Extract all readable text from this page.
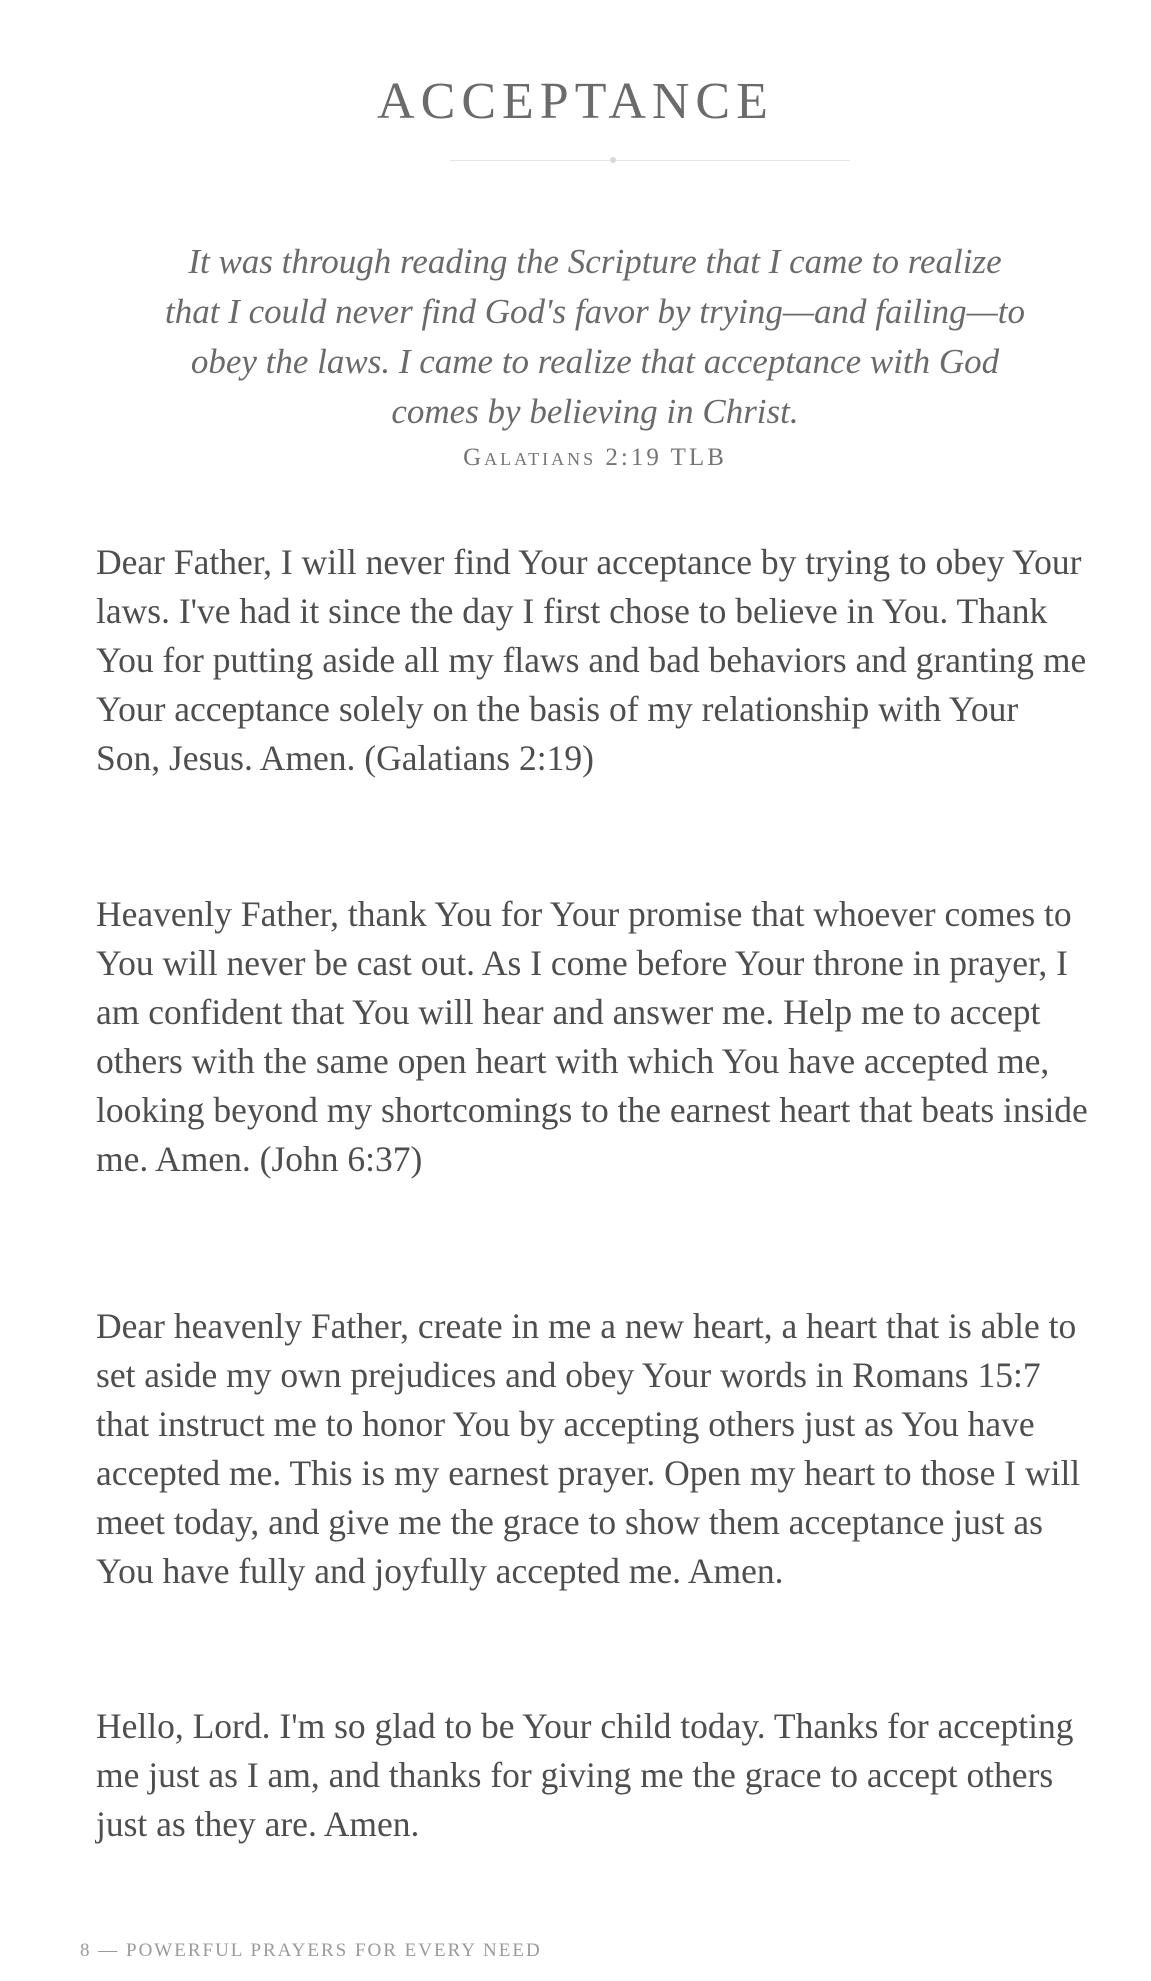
ACCEPTANCE
It was through reading the Scripture that I came to realize that I could never find God's favor by trying—and failing—to obey the laws. I came to realize that acceptance with God comes by believing in Christ.
Galatians 2:19 TLB

Dear Father, I will never find Your acceptance by trying to obey Your laws. I've had it since the day I first chose to believe in You. Thank You for putting aside all my flaws and bad behaviors and granting me Your acceptance solely on the basis of my relationship with Your Son, Jesus. Amen. (Galatians 2:19)

Heavenly Father, thank You for Your promise that whoever comes to You will never be cast out. As I come before Your throne in prayer, I am confident that You will hear and answer me. Help me to accept others with the same open heart with which You have accepted me, looking beyond my shortcomings to the earnest heart that beats inside me. Amen. (John 6:37)

Dear heavenly Father, create in me a new heart, a heart that is able to set aside my own prejudices and obey Your words in Romans 15:7 that instruct me to honor You by accepting others just as You have accepted me. This is my earnest prayer. Open my heart to those I will meet today, and give me the grace to show them acceptance just as You have fully and joyfully accepted me. Amen.

Hello, Lord. I'm so glad to be Your child today. Thanks for accepting me just as I am, and thanks for giving me the grace to accept others just as they are. Amen.

8 — POWERFUL PRAYERS FOR EVERY NEED
